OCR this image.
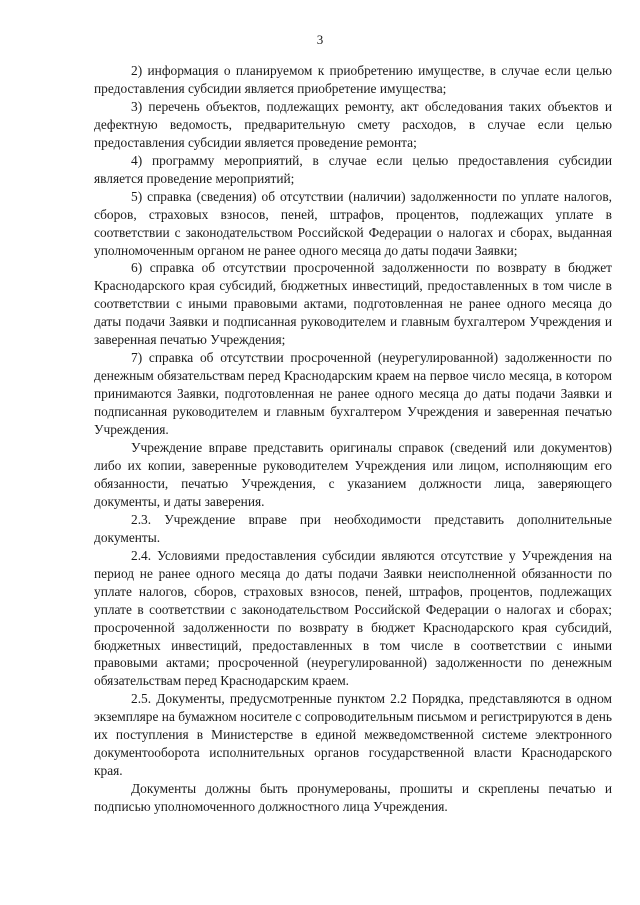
3

2) информация о планируемом к приобретению имуществе, в случае если целью предоставления субсидии является приобретение имущества;

3) перечень объектов, подлежащих ремонту, акт обследования таких объектов и дефектную ведомость, предварительную смету расходов, в случае если целью предоставления субсидии является проведение ремонта;

4) программу мероприятий, в случае если целью предоставления субсидии является проведение мероприятий;

5) справка (сведения) об отсутствии (наличии) задолженности по уплате налогов, сборов, страховых взносов, пеней, штрафов, процентов, подлежащих уплате в соответствии с законодательством Российской Федерации о налогах и сборах, выданная уполномоченным органом не ранее одного месяца до даты подачи Заявки;

6) справка об отсутствии просроченной задолженности по возврату в бюджет Краснодарского края субсидий, бюджетных инвестиций, предоставленных в том числе в соответствии с иными правовыми актами, подготовленная не ранее одного месяца до даты подачи Заявки и подписанная руководителем и главным бухгалтером Учреждения и заверенная печатью Учреждения;

7) справка об отсутствии просроченной (неурегулированной) задолженности по денежным обязательствам перед Краснодарским краем на первое число месяца, в котором принимаются Заявки, подготовленная не ранее одного месяца до даты подачи Заявки и подписанная руководителем и главным бухгалтером Учреждения и заверенная печатью Учреждения.

Учреждение вправе представить оригиналы справок (сведений или документов) либо их копии, заверенные руководителем Учреждения или лицом, исполняющим его обязанности, печатью Учреждения, с указанием должности лица, заверяющего документы, и даты заверения.

2.3. Учреждение вправе при необходимости представить дополнительные документы.

2.4. Условиями предоставления субсидии являются отсутствие у Учреждения на период не ранее одного месяца до даты подачи Заявки неисполненной обязанности по уплате налогов, сборов, страховых взносов, пеней, штрафов, процентов, подлежащих уплате в соответствии с законодательством Российской Федерации о налогах и сборах; просроченной задолженности по возврату в бюджет Краснодарского края субсидий, бюджетных инвестиций, предоставленных в том числе в соответствии с иными правовыми актами; просроченной (неурегулированной) задолженности по денежным обязательствам перед Краснодарским краем.

2.5. Документы, предусмотренные пунктом 2.2 Порядка, представляются в одном экземпляре на бумажном носителе с сопроводительным письмом и регистрируются в день их поступления в Министерстве в единой межведомственной системе электронного документооборота исполнительных органов государственной власти Краснодарского края.

Документы должны быть пронумерованы, прошиты и скреплены печатью и подписью уполномоченного должностного лица Учреждения.
